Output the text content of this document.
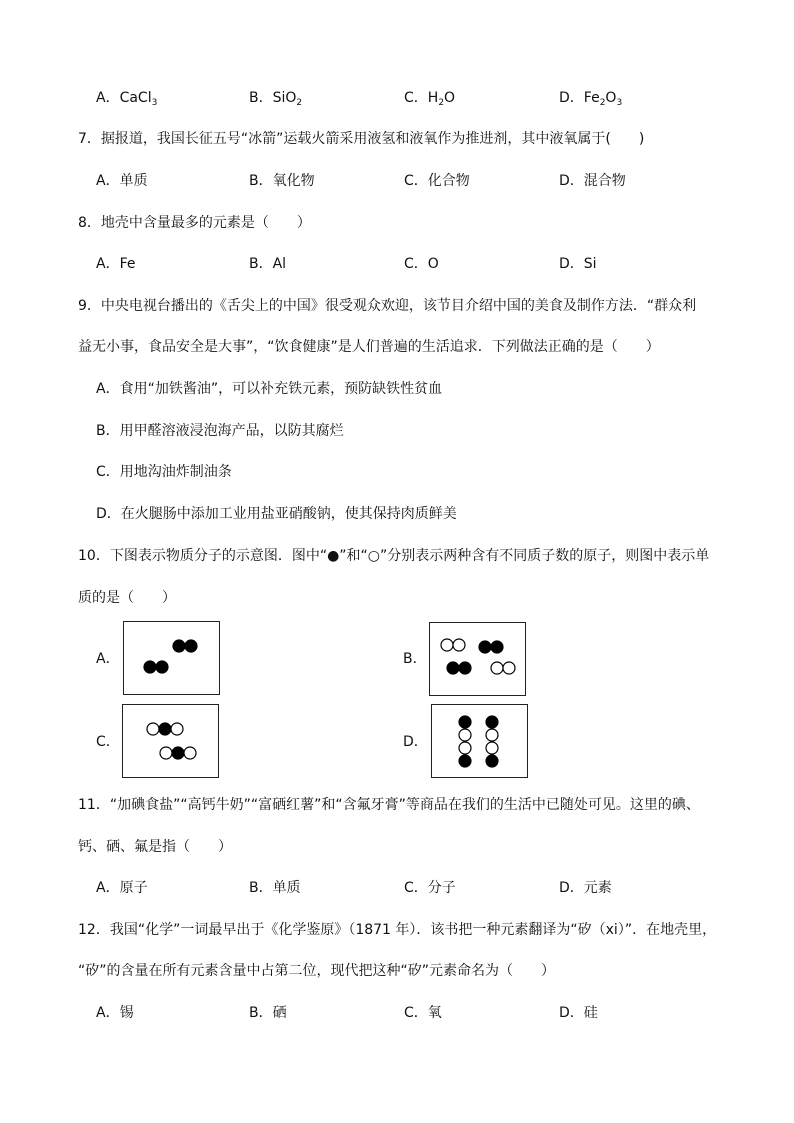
A．CaCl$_3$	B．SiO$_2$	C．$H_2O$	D．$Fe_2O_3$
7．据报道，我国长征五号“冰箭”运载火箭采用液氢和液氧作为推进剂，其中液氧属于(　　)
A．单质	B．氧化物	C．化合物	D．混合物
8．地壳中含量最多的元素是（　　）
A．Fe	B．Al	C．O	D．Si
9．中央电视台播出的《舌尖上的中国》很受观众欢迎，该节目介绍中国的美食及制作方法．“群众利
益无小事，食品安全是大事”，“饮食健康”是人们普遍的生活追求．下列做法正确的是（　　）
A．食用“加铁酱油”，可以补充铁元素，预防缺铁性贫血
B．用甲醛溶液浸泡海产品，以防其腐烂
C．用地沟油炸制油条
D．在火腿肠中添加工业用盐亚硝酸钠，使其保持肉质鲜美
10．下图表示物质分子的示意图．图中“●”和“○”分别表示两种含有不同质子数的原子，则图中表示单
质的是（　　）
A．	B．
C．	D．
11．“加碘食盐”“高钙牛奶”“富硒红薯”和“含氟牙膏”等商品在我们的生活中已随处可见。这里的碘、
钙、硒、氟是指（　　）
A．原子	B．单质	C．分子	D．元素
12．我国“化学”一词最早出于《化学鉴原》（1871 年）．该书把一种元素翻译为“矽（xi）”．在地壳里，
“矽”的含量在所有元素含量中占第二位，现代把这种“矽”元素命名为（　　）
A．锡	B．硒	C．氧	D．硅
